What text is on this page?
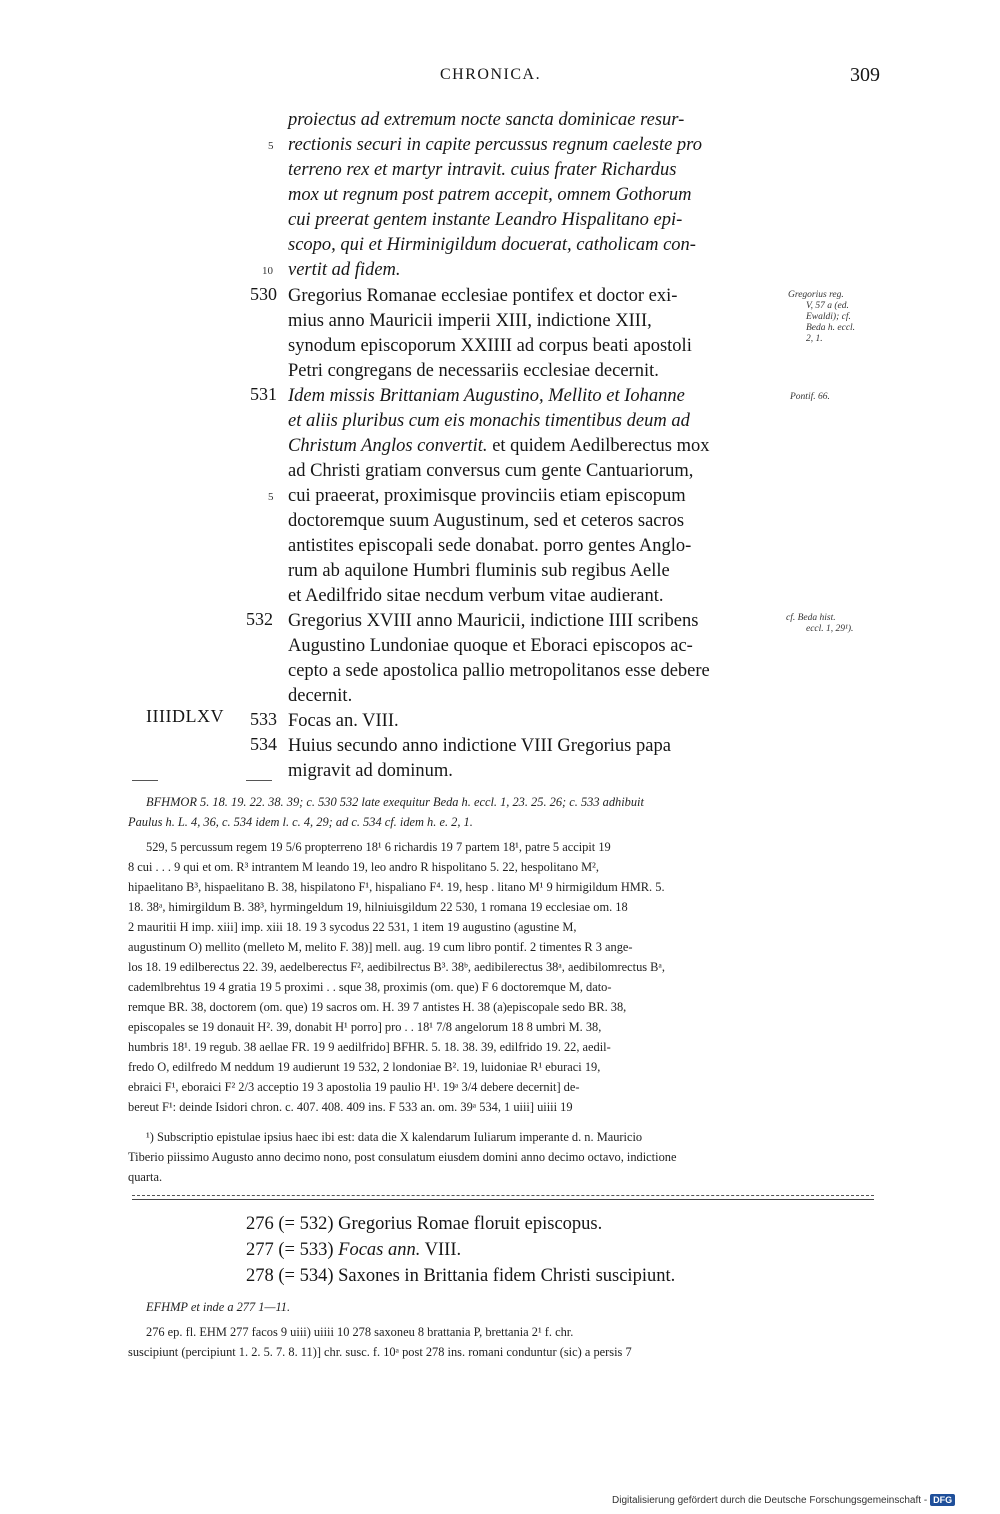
CHRONICA.	309
proiectus ad extremum nocte sancta dominicae resur-
rectionis securi in capite percussus regnum caeleste pro
terreno rex et martyr intravit. cuius frater Richardus
mox ut regnum post patrem accepit, omnem Gothorum
cui preerat gentem instante Leandro Hispalitano epi-
scopo, qui et Hirminigildum docuerat, catholicam con-
vertit ad fidem.
5
10
530 Gregorius Romanae ecclesiae pontifex et doctor exi-
mius anno Mauricii imperii XIII, indictione XIII,
synodum episcoporum XXIIII ad corpus beati apostoli
Petri congregans de necessariis ecclesiae decernit.
Gregorius reg.
V, 57 a (ed.
Ewaldi); cf.
Beda h. eccl.
2, 1.
531 Idem missis Brittaniam Augustino, Mellito et Iohanne
et aliis pluribus cum eis monachis timentibus deum ad
Christum Anglos convertit. et quidem Aedilberectus mox
ad Christi gratiam conversus cum gente Cantuariorum,
cui praeerat, proximisque provinciis etiam episcopum
doctoremque suum Augustinum, sed et ceteros sacros
antistites episcopali sede donabat. porro gentes Anglo-
rum ab aquilone Humbri fluminis sub regibus Aelle
et Aedilfrido sitae necdum verbum vitae audierant.
5
Pontif. 66.
532 Gregorius XVIII anno Mauricii, indictione IIII scribens
Augustino Lundoniae quoque et Eboraci episcopos ac-
cepto a sede apostolica pallio metropolitanos esse debere
decernit.
cf. Beda hist.
eccl. 1, 29¹).
IIIIDLXV 533 Focas an. VIII.
534 Huius secundo anno indictione VIII Gregorius papa
migravit ad dominum.
BFHMOR 5. 18. 19. 22. 38. 39; c. 530 532 late exequitur Beda h. eccl. 1, 23. 25. 26; c. 533 adhibuit
Paulus h. L. 4, 36, c. 534 idem l. c. 4, 29; ad c. 534 cf. idem h. e. 2, 1.
529, 5 percussum regem 19 5/6 propterreno 18¹ 6 richardis 19 7 partem 18¹, patre 5 accipit 19
8 cui . . . 9 qui et om. R³ intrantem M leando 19, leo andro R hispolitano 5. 22, hespolitano M²,
hipaelitano B³, hispaelitano B. 38, hispilatono F¹, hispaliano F⁴. 19, hesp . litano M¹ 9 hirmigildum HMR. 5.
18. 38ᵃ, himirgildum B. 38³, hyrmingeldum 19, hilniuisgildum 22 530, 1 romana 19 ecclesiae om. 18
2 mauritii H imp. xiii] imp. xiii 18. 19 3 sycodus 22 531, 1 item 19 augustino (agustine M,
augustinum O) mellito (melleto M, melito F. 38)] mell. aug. 19 cum libro pontif. 2 timentes R 3 ange-
los 18. 19 edilberectus 22. 39, aedelberectus F², aedibilrectus B³. 38ᵇ, aedibilerectus 38ᵃ, aedibilomrectus Bᵃ,
cademlbrehtus 19 4 gratia 19 5 proximi . . sque 38, proximis (om. que) F 6 doctoremque M, dato-
remque BR. 38, doctorem (om. que) 19 sacros om. H. 39 7 antistes H. 38 (a)episcopale sedo BR. 38,
episcopales se 19 donauit H². 39, donabit H¹ porro] pro . . 18¹ 7/8 angelorum 18 8 umbri M. 38,
humbris 18¹. 19 regub. 38 aellae FR. 19 9 aedilfrido] BFHR. 5. 18. 38. 39, edilfrido 19. 22, aedil-
fredo O, edilfredo M neddum 19 audierunt 19 532, 2 londoniae B². 19, luidoniae R¹ eburaci 19,
ebraici F¹, eboraici F² 2/3 acceptio 19 3 apostolia 19 paulio H¹. 19ᵃ 3/4 debere decernit] de-
bereut F¹: deinde Isidori chron. c. 407. 408. 409 ins. F 533 an. om. 39ᵃ 534, 1 uiii] uiiii 19
¹) Subscriptio epistulae ipsius haec ibi est: data die X kalendarum Iuliarum imperante d. n. Mauricio
Tiberio piissimo Augusto anno decimo nono, post consulatum eiusdem domini anno decimo octavo, indictione
quarta.
276 (= 532) Gregorius Romae floruit episcopus.
277 (= 533) Focas ann. VIII.
278 (= 534) Saxones in Brittania fidem Christi suscipiunt.
EFHMP et inde a 277 1—11.
276 ep. fl. EHM 277 facos 9 uiii) uiiii 10 278 saxoneu 8 brattania P, brettania 2¹ f. chr.
suscipiunt (percipiunt 1. 2. 5. 7. 8. 11)] chr. susc. f. 10ᵃ post 278 ins. romani conduntur (sic) a persis 7
Digitalisierung gefördert durch die Deutsche Forschungsgemeinschaft - DFG
